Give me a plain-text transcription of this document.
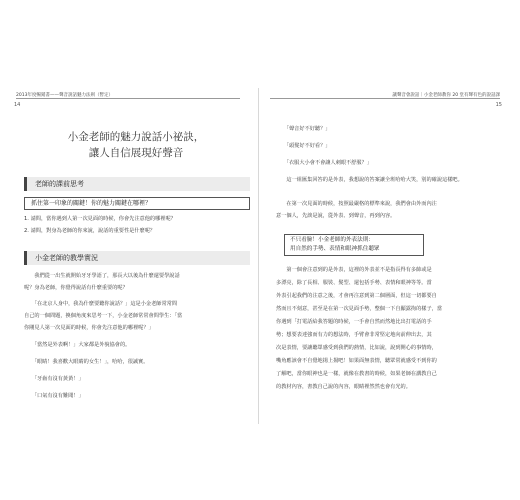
2013年度暢銷書——聲音說話魅力法則（暫定）
14
小金老師的魅力說話小祕訣，
讓人自信展現好聲音
老師的課前思考
抓住第一印象的關鍵！你的魅力關鍵在哪裡？
1. 請問，當你遇到人第一次見面的時候，你會先注意他的哪裡呢？
2. 請問，對身為老師的你來說，說話的重要性是什麼呢？
小金老師的教學實況
　　我們從一出生就開始牙牙學語了，那長大以後為什麼還要學說話
呢？身為老師，你覺得說話有什麼重要的呢？
　　「在北京人身中，我為什麼要聽你說話？」這是小金老師常常問
自己的一個問題，換個角度來思考一下，小金老師常常會問學生：「當
你剛見人第一次見面的時候，你會先注意他的哪裡呢？」
　　「當然是外表啊！」大家都是外貌協會的。
　　「眼睛！我喜歡大眼睛的女生！」，哈哈，很誠實。
　　「牙齒有沒有黃黃！」
　　「口氣有沒有難聞！」
讓聲音會說話｜小金老師教你 20 堂有聲有色的說話課
15
　　「聲音好不好聽？」
　　「頭髮好不好看？」
　　「衣服大小會不會讓人刺眼不舒服？」
　　這一組匯集回答的是外表，我想說的答案讓全班哈哈大笑，別的確說這樣吧。
　　在第一次見面的時候，按照最嚴格的標準來說，我們會由外而內注
意一個人，先談是說，從外表、到聲音，再到內容。
不只看臉！小金老師的外表法則：
用自然的手勢、表情和眼神抓住聽眾
　　第一個會注意到的是外表，這裡的外表並不是指長得有多帥或是
多漂亮，除了長相、服裝、髮型、還包括手勢、表情和眼神等等。當
外表引起我們的注意之後，才會再注意到第二個層面，但這一切都要自
然而且不刻意，甚至是在第一次見面手勢，整個一下自顯露拘的樣子，當
你遇到「打電話給我答題的時候，一手會自然而然地比出打電話的手
勢；想要表達強而有力的想法時，手臂會非常堅定地向前伸出去，其
次是表情，要讓聽眾感受到我們的熱情，比如說，說到開心的事情時，
嘴角應該會不自覺地揚上揚吧！如果面無表情，聽眾常就感受不到你的
了解吧，當你眼神也是一樣，就像在教書的時候，如果老師在講教自己
的教材內容，書教自己說的內容，眼睛裡然然也會有光的。
